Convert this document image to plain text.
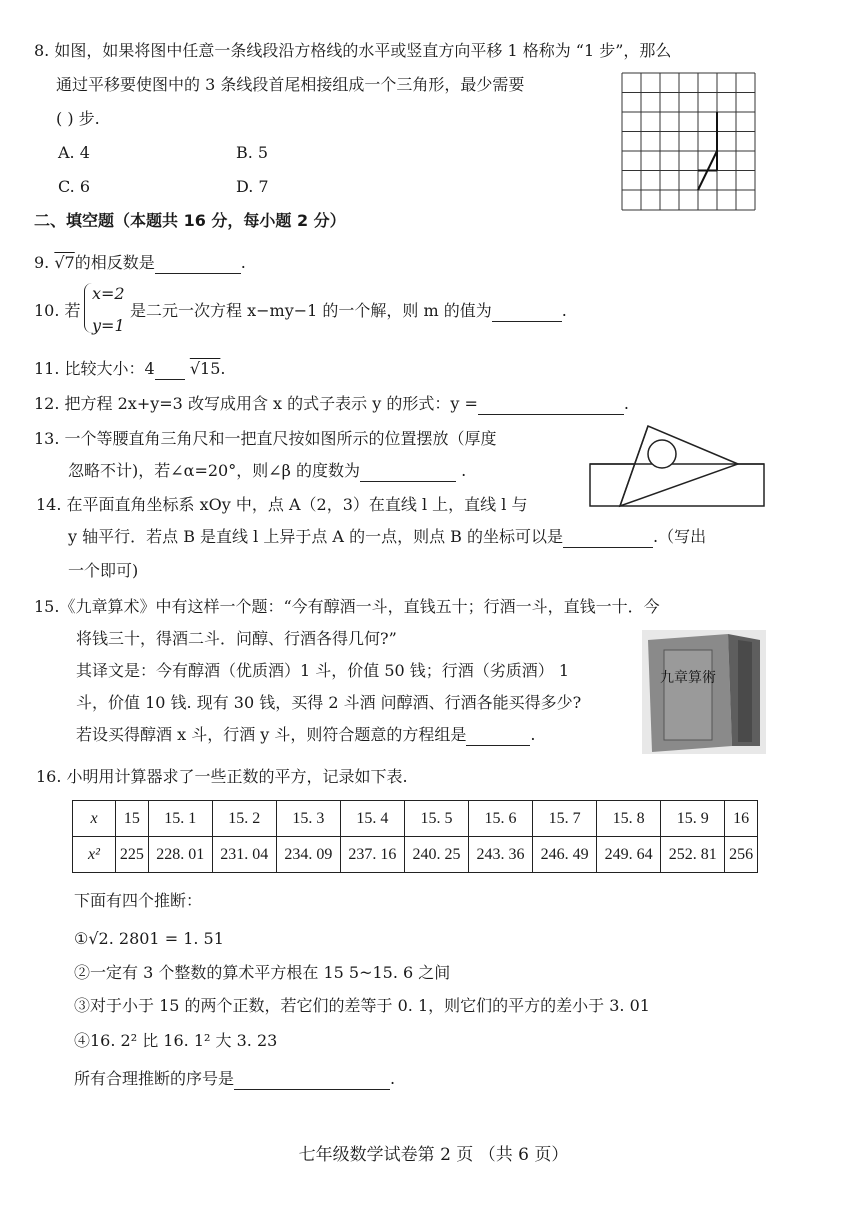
8. 如图，如果将图中任意一条线段沿方格线的水平或竖直方向平移 1 格称为 “1 步”，那么
通过平移要使图中的 3 条线段首尾相接组成一个三角形，最少需要
( ) 步.
A. 4	B. 5
C. 6	D. 7
二、填空题（本题共 16 分，每小题 2 分）
9. √7的相反数是	.
10. 若
x=2
y=1
是二元一次方程 x−my−1 的一个解，则 m 的值为	.
11. 比较大小：4 √15.
12. 把方程 2x+y=3 改写成用含 x 的式子表示 y 的形式：y =	.
13. 一个等腰直角三角尺和一把直尺按如图所示的位置摆放（厚度
忽略不计)，若∠α=20°，则∠β 的度数为	.
14. 在平面直角坐标系 xOy 中，点 A（2，3）在直线 l 上，直线 l 与
y 轴平行．若点 B 是直线 l 上异于点 A 的一点，则点 B 的坐标可以是	.（写出
一个即可)
15.《九章算术》中有这样一个题：“今有醇酒一斗，直钱五十；行酒一斗，直钱一十．今
将钱三十，得酒二斗．问醇、行酒各得几何?”
其译文是：今有醇酒（优质酒）1 斗，价值 50 钱；行酒（劣质酒） 1
斗，价值 10 钱. 现有 30 钱，买得 2 斗酒 问醇酒、行酒各能买得多少?
若设买得醇酒 x 斗，行酒 y 斗，则符合题意的方程组是	.
九章算術
16. 小明用计算器求了一些正数的平方，记录如下表.
x	15	15. 1	15. 2	15. 3	15. 4	15. 5	15. 6	15. 7	15. 8	15. 9	16
x²	225	228. 01	231. 04	234. 09	237. 16	240. 25	243. 36	246. 49	249. 64	252. 81	256
下面有四个推断：
①√2. 2801 = 1. 51
②一定有 3 个整数的算术平方根在 15 5~15. 6 之间
③对于小于 15 的两个正数，若它们的差等于 0. 1，则它们的平方的差小于 3. 01
④16. 2² 比 16. 1² 大 3. 23
所有合理推断的序号是	.
七年级数学试卷第 2 页 （共 6 页）
